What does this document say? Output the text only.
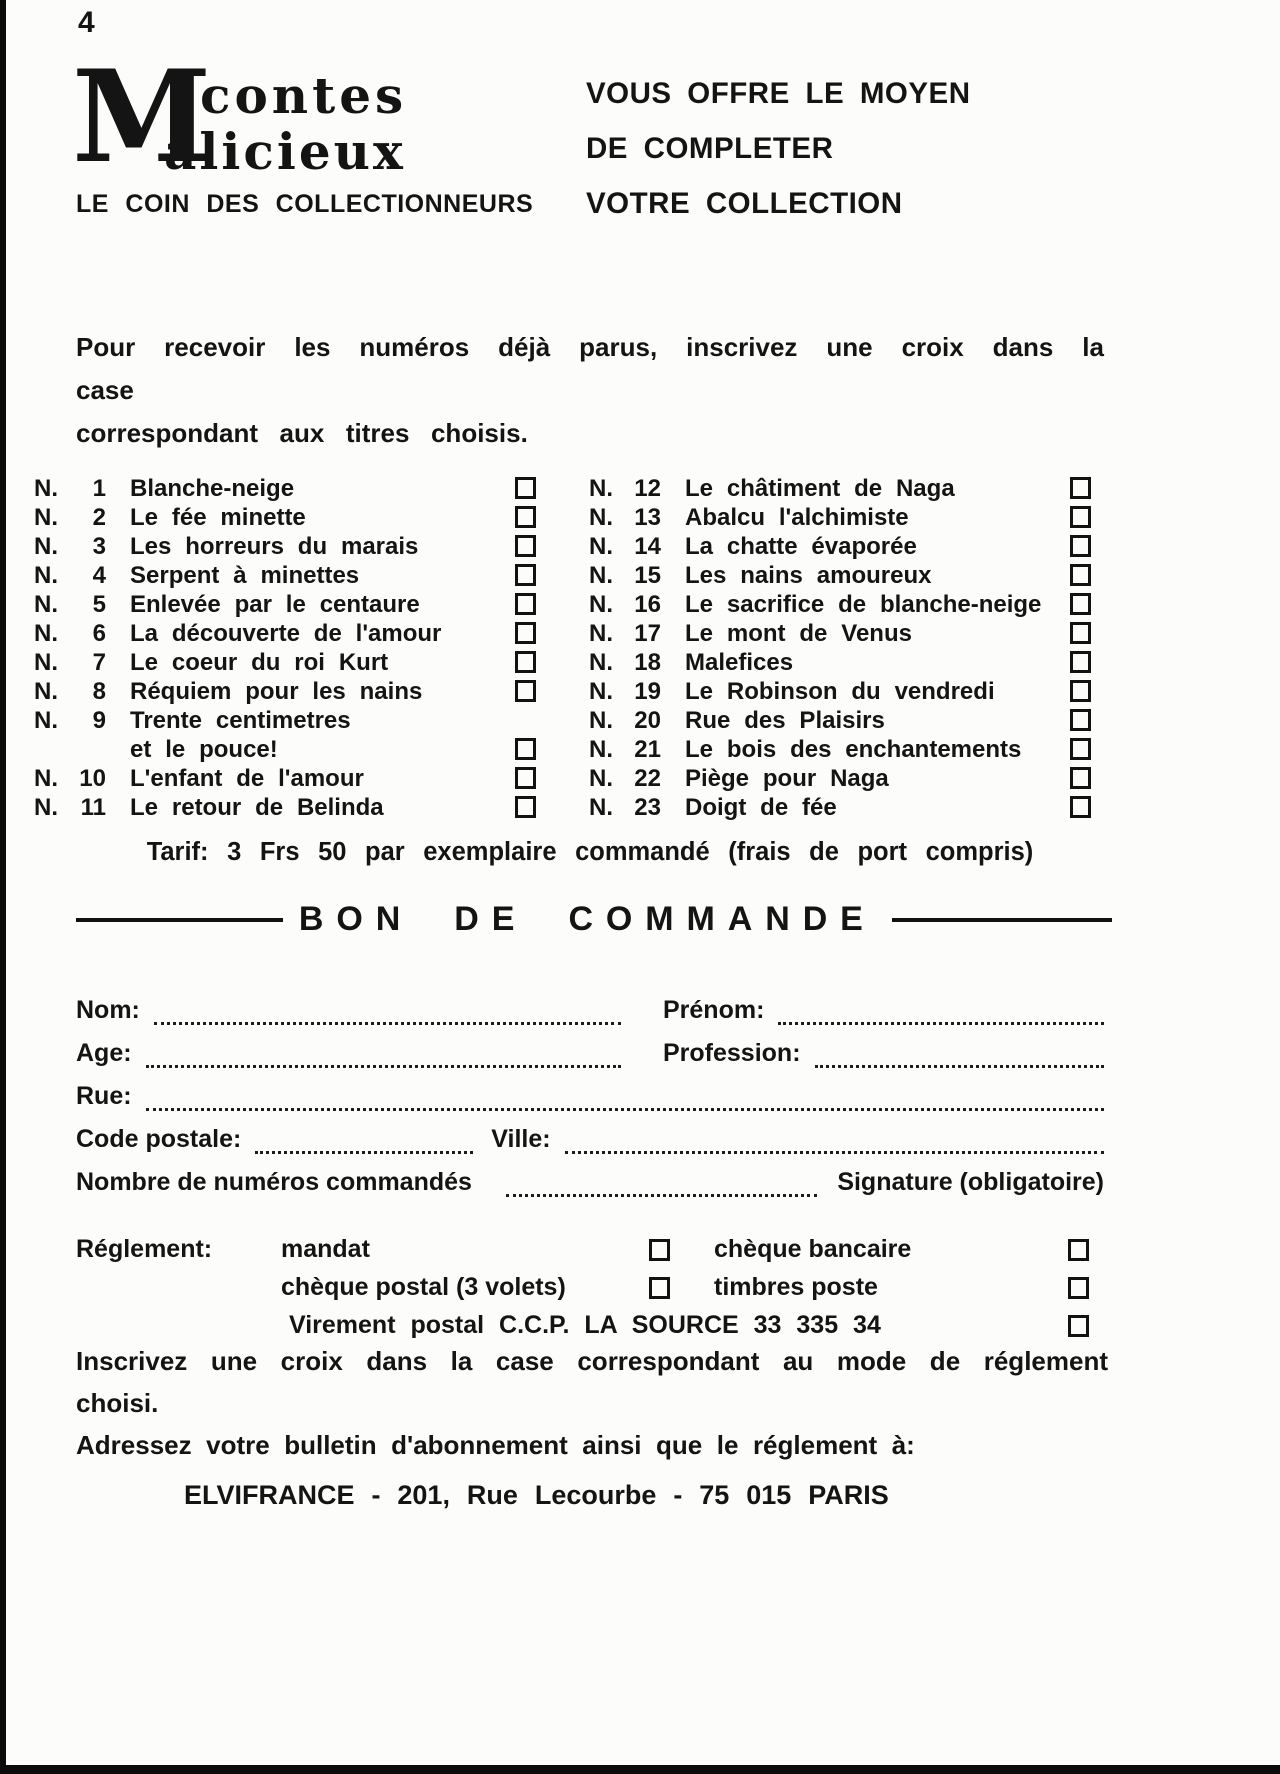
4
M
contes
alicieux
LE COIN DES COLLECTIONNEURS
VOUS OFFRE LE MOYEN
DE COMPLETER
VOTRE COLLECTION
Pour recevoir les numéros déjà parus, inscrivez une croix dans la case
correspondant aux titres choisis.
N. 1 Blanche-neige
N. 2 Le fée minette
N. 3 Les horreurs du marais
N. 4 Serpent à minettes
N. 5 Enlevée par le centaure
N. 6 La découverte de l'amour
N. 7 Le coeur du roi Kurt
N. 8 Réquiem pour les nains
N. 9 Trente centimetres
et le pouce!
N. 10 L'enfant de l'amour
N. 11 Le retour de Belinda
N. 12 Le châtiment de Naga
N. 13 Abalcu l'alchimiste
N. 14 La chatte évaporée
N. 15 Les nains amoureux
N. 16 Le sacrifice de blanche-neige
N. 17 Le mont de Venus
N. 18 Malefices
N. 19 Le Robinson du vendredi
N. 20 Rue des Plaisirs
N. 21 Le bois des enchantements
N. 22 Piège pour Naga
N. 23 Doigt de fée
Tarif: 3 Frs 50 par exemplaire commandé (frais de port compris)
BON DE COMMANDE
Nom:	Prénom:
Age:	Profession:
Rue:
Code postale:	Ville:
Nombre de numéros commandés	Signature (obligatoire)
Réglement:	mandat	chèque bancaire
chèque postal (3 volets)	timbres poste
Virement postal C.C.P. LA SOURCE 33 335 34
Inscrivez une croix dans la case correspondant au mode de réglement choisi.
Adressez votre bulletin d'abonnement ainsi que le réglement à:
ELVIFRANCE - 201, Rue Lecourbe - 75 015 PARIS
